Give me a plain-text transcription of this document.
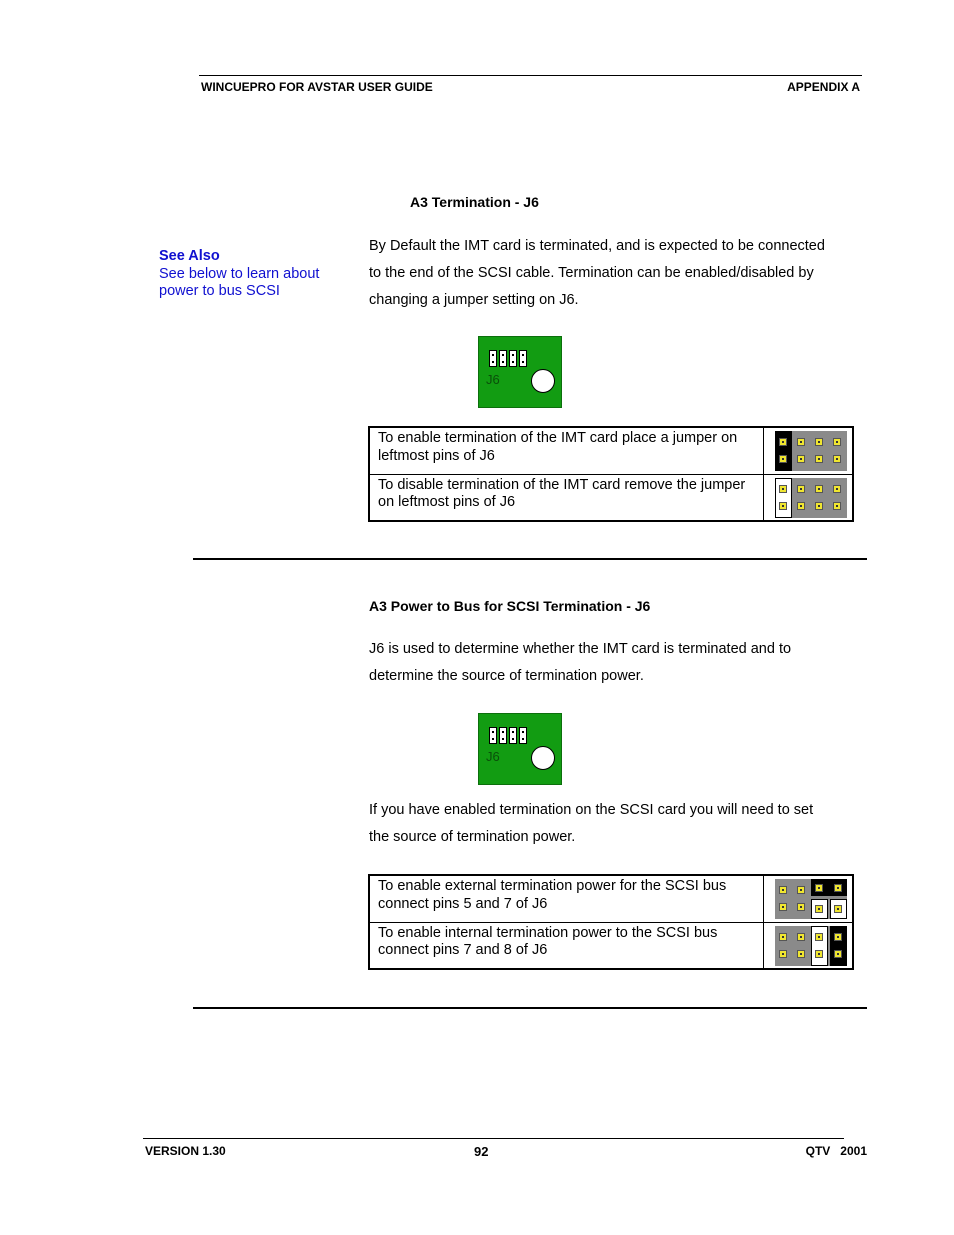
WINCUEPRO FOR AVSTAR USER GUIDE	APPENDIX A
A3 Termination - J6
See Also
See below to learn about
power to bus SCSI
By Default the IMT card is terminated, and is expected to be connected
to the end of the SCSI cable. Termination can be enabled/disabled by
changing a jumper setting on J6.
J6
To enable termination of the IMT card place a jumper on leftmost pins of J6	

To disable termination of the IMT card remove the jumper on leftmost pins of J6	
A3 Power to Bus for SCSI Termination - J6
J6 is used to determine whether the IMT card is terminated and to
determine the source of termination power.
J6
If you have enabled termination on the SCSI card you will need to set
the source of termination power.
To enable external termination power for the SCSI bus connect pins 5 and 7 of J6	

To enable internal termination power to the SCSI bus connect pins 7 and 8 of J6	
VERSION 1.30	92	QTV   2001
